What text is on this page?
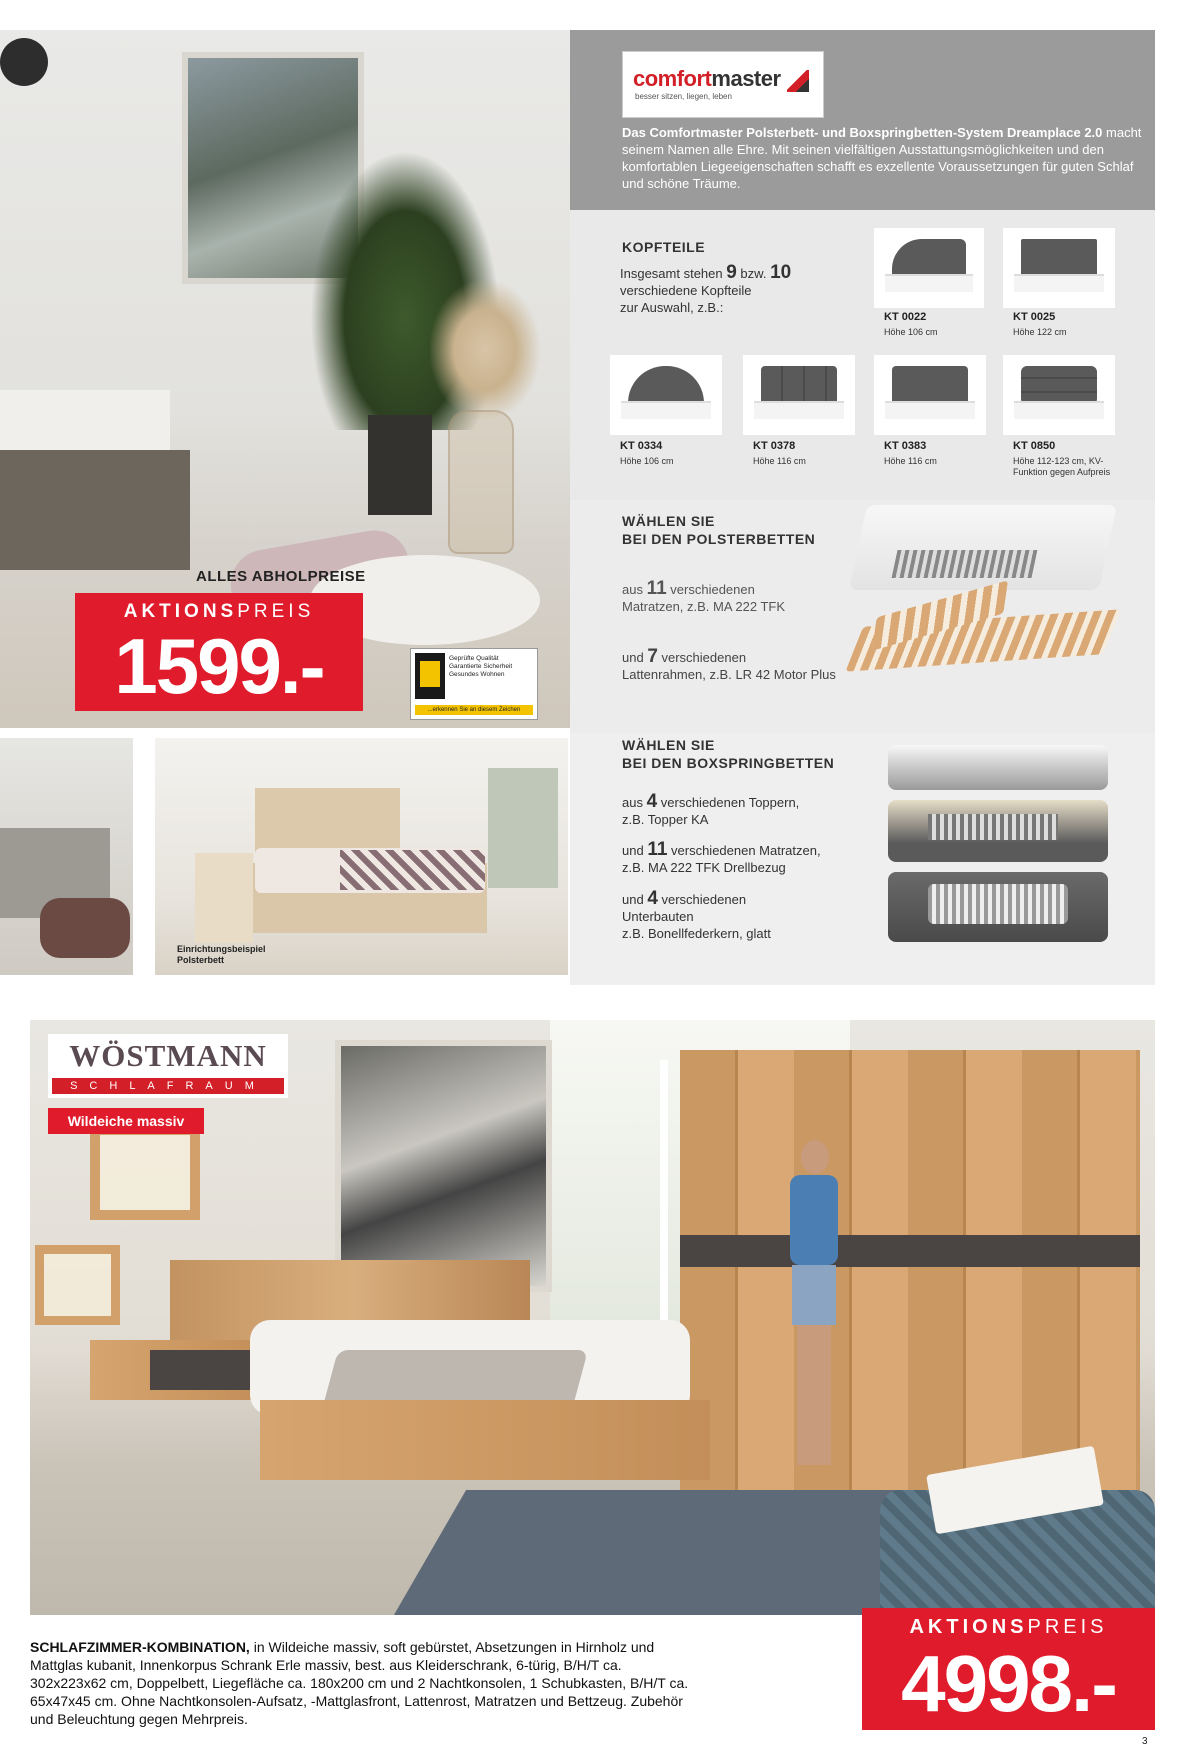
ALLES ABHOLPREISE
AKTIONSPREIS
1599.-	Geprüfte Qualität
Garantierte Sicherheit
Gesundes Wohnen
...erkennen Sie an diesem Zeichen
Einrichtungsbeispiel
Polsterbett
comfortmaster
besser sitzen, liegen, leben
Das Comfortmaster Polsterbett- und Boxspringbetten-System Dreamplace 2.0 macht seinem Namen alle Ehre. Mit seinen vielfältigen Ausstattungsmöglichkeiten und den komfortablen Liegeeigenschaften schafft es exzellente Voraussetzungen für guten Schlaf und schöne Träume.
KOPFTEILE
Insgesamt stehen 9 bzw. 10
verschiedene Kopfteile
zur Auswahl, z.B.:
KT 0022
Höhe 106 cm
KT 0025
Höhe 122 cm
KT 0334
Höhe 106 cm
KT 0378
Höhe 116 cm
KT 0383
Höhe 116 cm
KT 0850
Höhe 112-123 cm, KV-Funktion gegen Aufpreis
WÄHLEN SIE
BEI DEN POLSTERBETTEN
aus 11 verschiedenen
Matratzen, z.B. MA 222 TFK
und 7 verschiedenen
Lattenrahmen, z.B. LR 42 Motor Plus
WÄHLEN SIE
BEI DEN BOXSPRINGBETTEN
aus 4 verschiedenen Toppern,
z.B. Topper KA
und 11 verschiedenen Matratzen,
z.B. MA 222 TFK Drellbezug
und 4 verschiedenen
Unterbauten
z.B. Bonellfederkern, glatt
WÖSTMANN
SCHLAFRAUM
Wildeiche massiv
SCHLAFZIMMER-KOMBINATION, in Wildeiche massiv, soft gebürstet, Absetzungen in Hirnholz und Mattglas kubanit, Innenkorpus Schrank Erle massiv, best. aus Kleiderschrank, 6-türig, B/H/T ca. 302x223x62 cm, Doppelbett, Liegefläche ca. 180x200 cm und 2 Nachtkonsolen, 1 Schubkasten, B/H/T ca. 65x47x45 cm. Ohne Nachtkonsolen-Aufsatz, -Mattglasfront, Lattenrost, Matratzen und Bettzeug. Zubehör und Beleuchtung gegen Mehrpreis.
AKTIONSPREIS
4998.-
3
